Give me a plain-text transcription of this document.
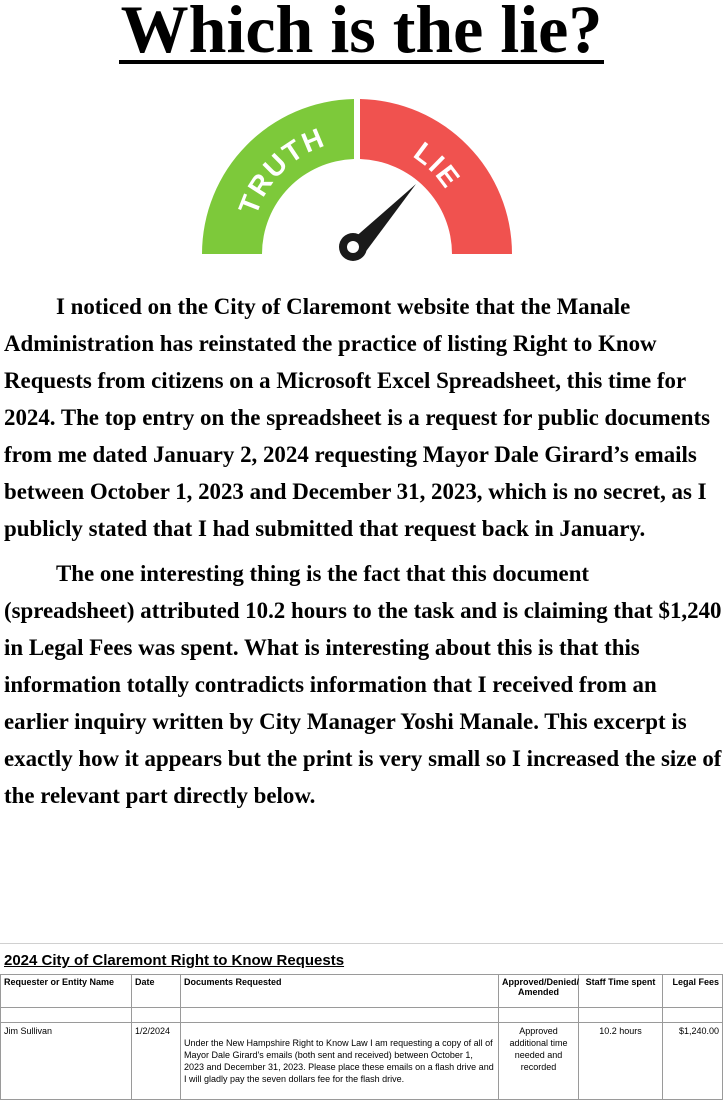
Which is the lie?
TRUTH	LIE

I noticed on the City of Claremont website that the Manale Administration has reinstated the practice of listing Right to Know Requests from citizens on a Microsoft Excel Spreadsheet, this time for 2024. The top entry on the spreadsheet is a request for public documents from me dated January 2, 2024 requesting Mayor Dale Girard’s emails between October 1, 2023 and December 31, 2023, which is no secret, as I publicly stated that I had submitted that request back in January.

The one interesting thing is the fact that this document (spreadsheet) attributed 10.2 hours to the task and is claiming that $1,240 in Legal Fees was spent. What is interesting about this is that this information totally contradicts information that I received from an earlier inquiry written by City Manager Yoshi Manale. This excerpt is exactly how it appears but the print is very small so I increased the size of the relevant part directly below.

2024 City of Claremont Right to Know Requests
Requester or Entity Name	Date	Documents Requested	Approved/Denied/ Amended	Staff Time spent	Legal Fees

Jim Sullivan	1/2/2024	Under the New Hampshire Right to Know Law I am requesting a copy of all of Mayor Dale Girard's emails (both sent and received) between October 1, 2023 and December 31, 2023. Please place these emails on a flash drive and I will gladly pay the seven dollars fee for the flash drive.	Approved additional time needed and recorded	10.2 hours	$1,240.00
